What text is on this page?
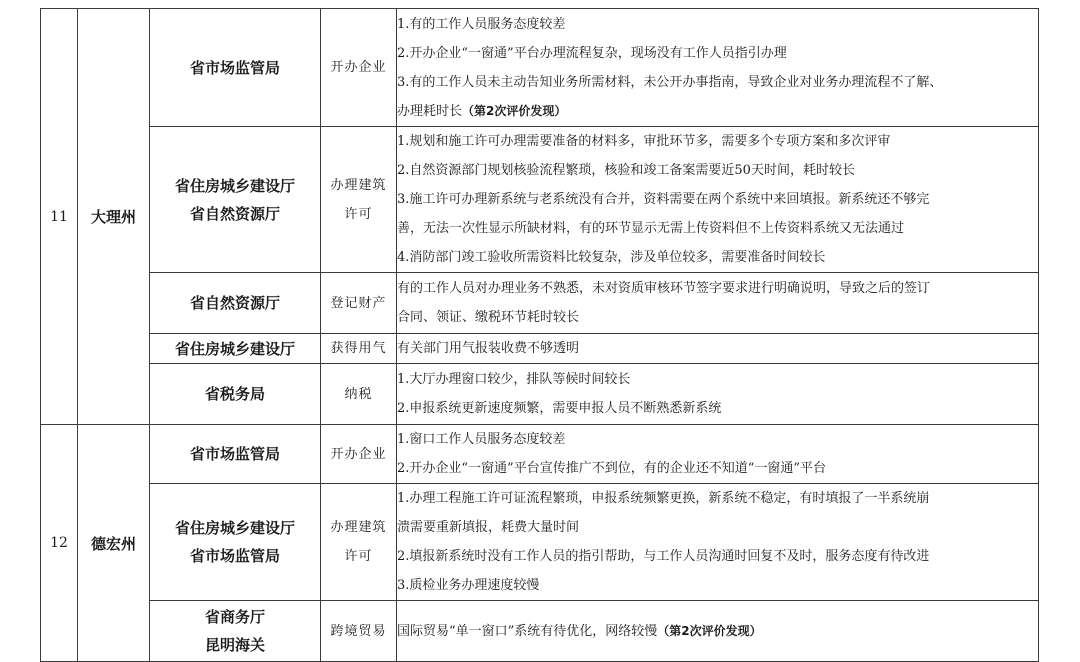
11	大理州	省市场监管局	开办企业	1.有的工作人员服务态度较差
2.开办企业“一窗通”平台办理流程复杂，现场没有工作人员指引办理
3.有的工作人员未主动告知业务所需材料，未公开办事指南，导致企业对业务办理流程不了解、
办理耗时长（第2次评价发现）

		省住房城乡建设厅
省自然资源厅	办理建筑
许可	1.规划和施工许可办理需要准备的材料多，审批环节多，需要多个专项方案和多次评审
2.自然资源部门规划核验流程繁琐，核验和竣工备案需要近50天时间，耗时较长
3.施工许可办理新系统与老系统没有合并，资料需要在两个系统中来回填报。新系统还不够完
善，无法一次性显示所缺材料，有的环节显示无需上传资料但不上传资料系统又无法通过
4.消防部门竣工验收所需资料比较复杂，涉及单位较多，需要准备时间较长

		省自然资源厅	登记财产	有的工作人员对办理业务不熟悉，未对资质审核环节签字要求进行明确说明，导致之后的签订
合同、领证、缴税环节耗时较长

		省住房城乡建设厅	获得用气	有关部门用气报装收费不够透明

		省税务局	纳税	1.大厅办理窗口较少，排队等候时间较长
2.申报系统更新速度频繁，需要申报人员不断熟悉新系统

12	德宏州	省市场监管局	开办企业	1.窗口工作人员服务态度较差
2.开办企业“一窗通”平台宣传推广不到位，有的企业还不知道“一窗通”平台

		省住房城乡建设厅
省市场监管局	办理建筑
许可	1.办理工程施工许可证流程繁琐，申报系统频繁更换，新系统不稳定，有时填报了一半系统崩
溃需要重新填报，耗费大量时间
2.填报新系统时没有工作人员的指引帮助，与工作人员沟通时回复不及时，服务态度有待改进
3.质检业务办理速度较慢

		省商务厅
昆明海关	跨境贸易	国际贸易“单一窗口”系统有待优化，网络较慢（第2次评价发现）
